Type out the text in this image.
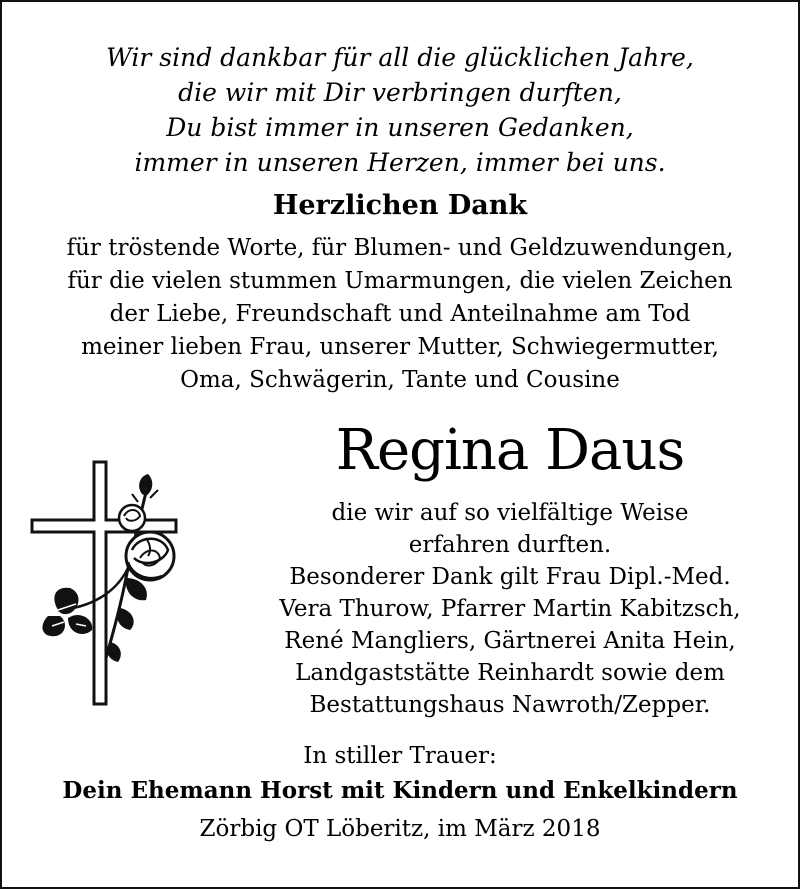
Wir sind dankbar für all die glücklichen Jahre,
die wir mit Dir verbringen durften,
Du bist immer in unseren Gedanken,
immer in unseren Herzen, immer bei uns.
Herzlichen Dank
für tröstende Worte, für Blumen- und Geldzuwendungen,
für die vielen stummen Umarmungen, die vielen Zeichen
der Liebe, Freundschaft und Anteilnahme am Tod
meiner lieben Frau, unserer Mutter, Schwiegermutter,
Oma, Schwägerin, Tante und Cousine
Regina Daus
die wir auf so vielfältige Weise
erfahren durften.
Besonderer Dank gilt Frau Dipl.-Med.
Vera Thurow, Pfarrer Martin Kabitzsch,
René Mangliers, Gärtnerei Anita Hein,
Landgaststätte Reinhardt sowie dem
Bestattungshaus Nawroth/Zepper.
In stiller Trauer:
Dein Ehemann Horst mit Kindern und Enkelkindern
Zörbig OT Löberitz, im März 2018
